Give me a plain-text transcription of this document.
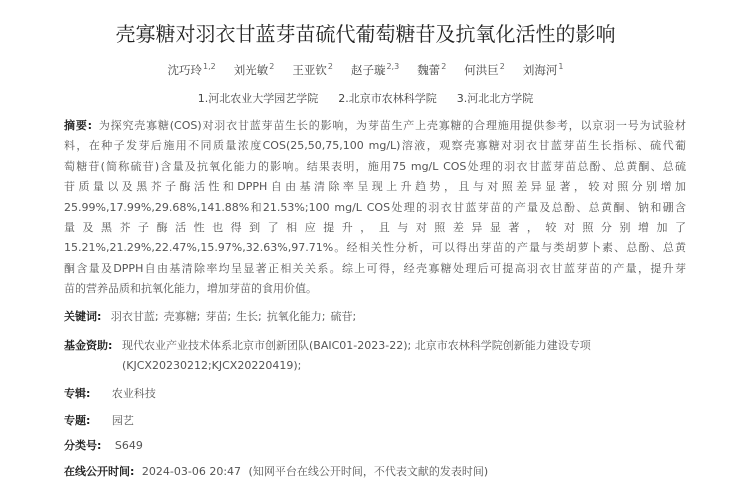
壳寡糖对羽衣甘蓝芽苗硫代葡萄糖苷及抗氧化活性的影响
沈巧玲$^{1,2}$ 刘光敏$^2$ 王亚钦$^2$ 赵子璇$^{2,3}$ 魏蕾$^2$ 何洪巨$^2$ 刘海河$^1$
1.河北农业大学园艺学院 2.北京市农林科学院 3.河北北方学院
摘要: 为探究壳寡糖(COS)对羽衣甘蓝芽苗生长的影响，为芽苗生产上壳寡糖的合理施用提供参考，以京羽一号为试验材
料，在种子发芽后施用不同质量浓度COS(25,50,75,100 mg/L)溶液，观察壳寡糖对羽衣甘蓝芽苗生长指标、硫代葡
萄糖苷(简称硫苷)含量及抗氧化能力的影响。结果表明，施用75 mg/L COS处理的羽衣甘蓝芽苗总酚、总黄酮、总硫
苷质量以及黑芥子酶活性和DPPH自由基清除率呈现上升趋势，且与对照差异显著，较对照分别增加
25.99%,17.99%,29.68%,141.88%和21.53%;100 mg/L COS处理的羽衣甘蓝芽苗的产量及总酚、总黄酮、钠和硼含
量及黑芥子酶活性也得到了相应提升，且与对照差异显著，较对照分别增加了
15.21%,21.29%,22.47%,15.97%,32.63%,97.71%。经相关性分析，可以得出芽苗的产量与类胡萝卜素、总酚、总黄
酮含量及DPPH自由基清除率均呈显著正相关关系。综上可得，经壳寡糖处理后可提高羽衣甘蓝芽苗的产量，提升芽
苗的营养品质和抗氧化能力，增加芽苗的食用价值。
关键词: 羽衣甘蓝; 壳寡糖; 芽苗; 生长; 抗氧化能力; 硫苷;
基金资助: 现代农业产业技术体系北京市创新团队(BAIC01-2023-22); 北京市农林科学院创新能力建设专项
(KJCX20230212;KJCX20220419);
专辑: 农业科技
专题: 园艺
分类号: S649
在线公开时间: 2024-03-06 20:47 (知网平台在线公开时间，不代表文献的发表时间)
